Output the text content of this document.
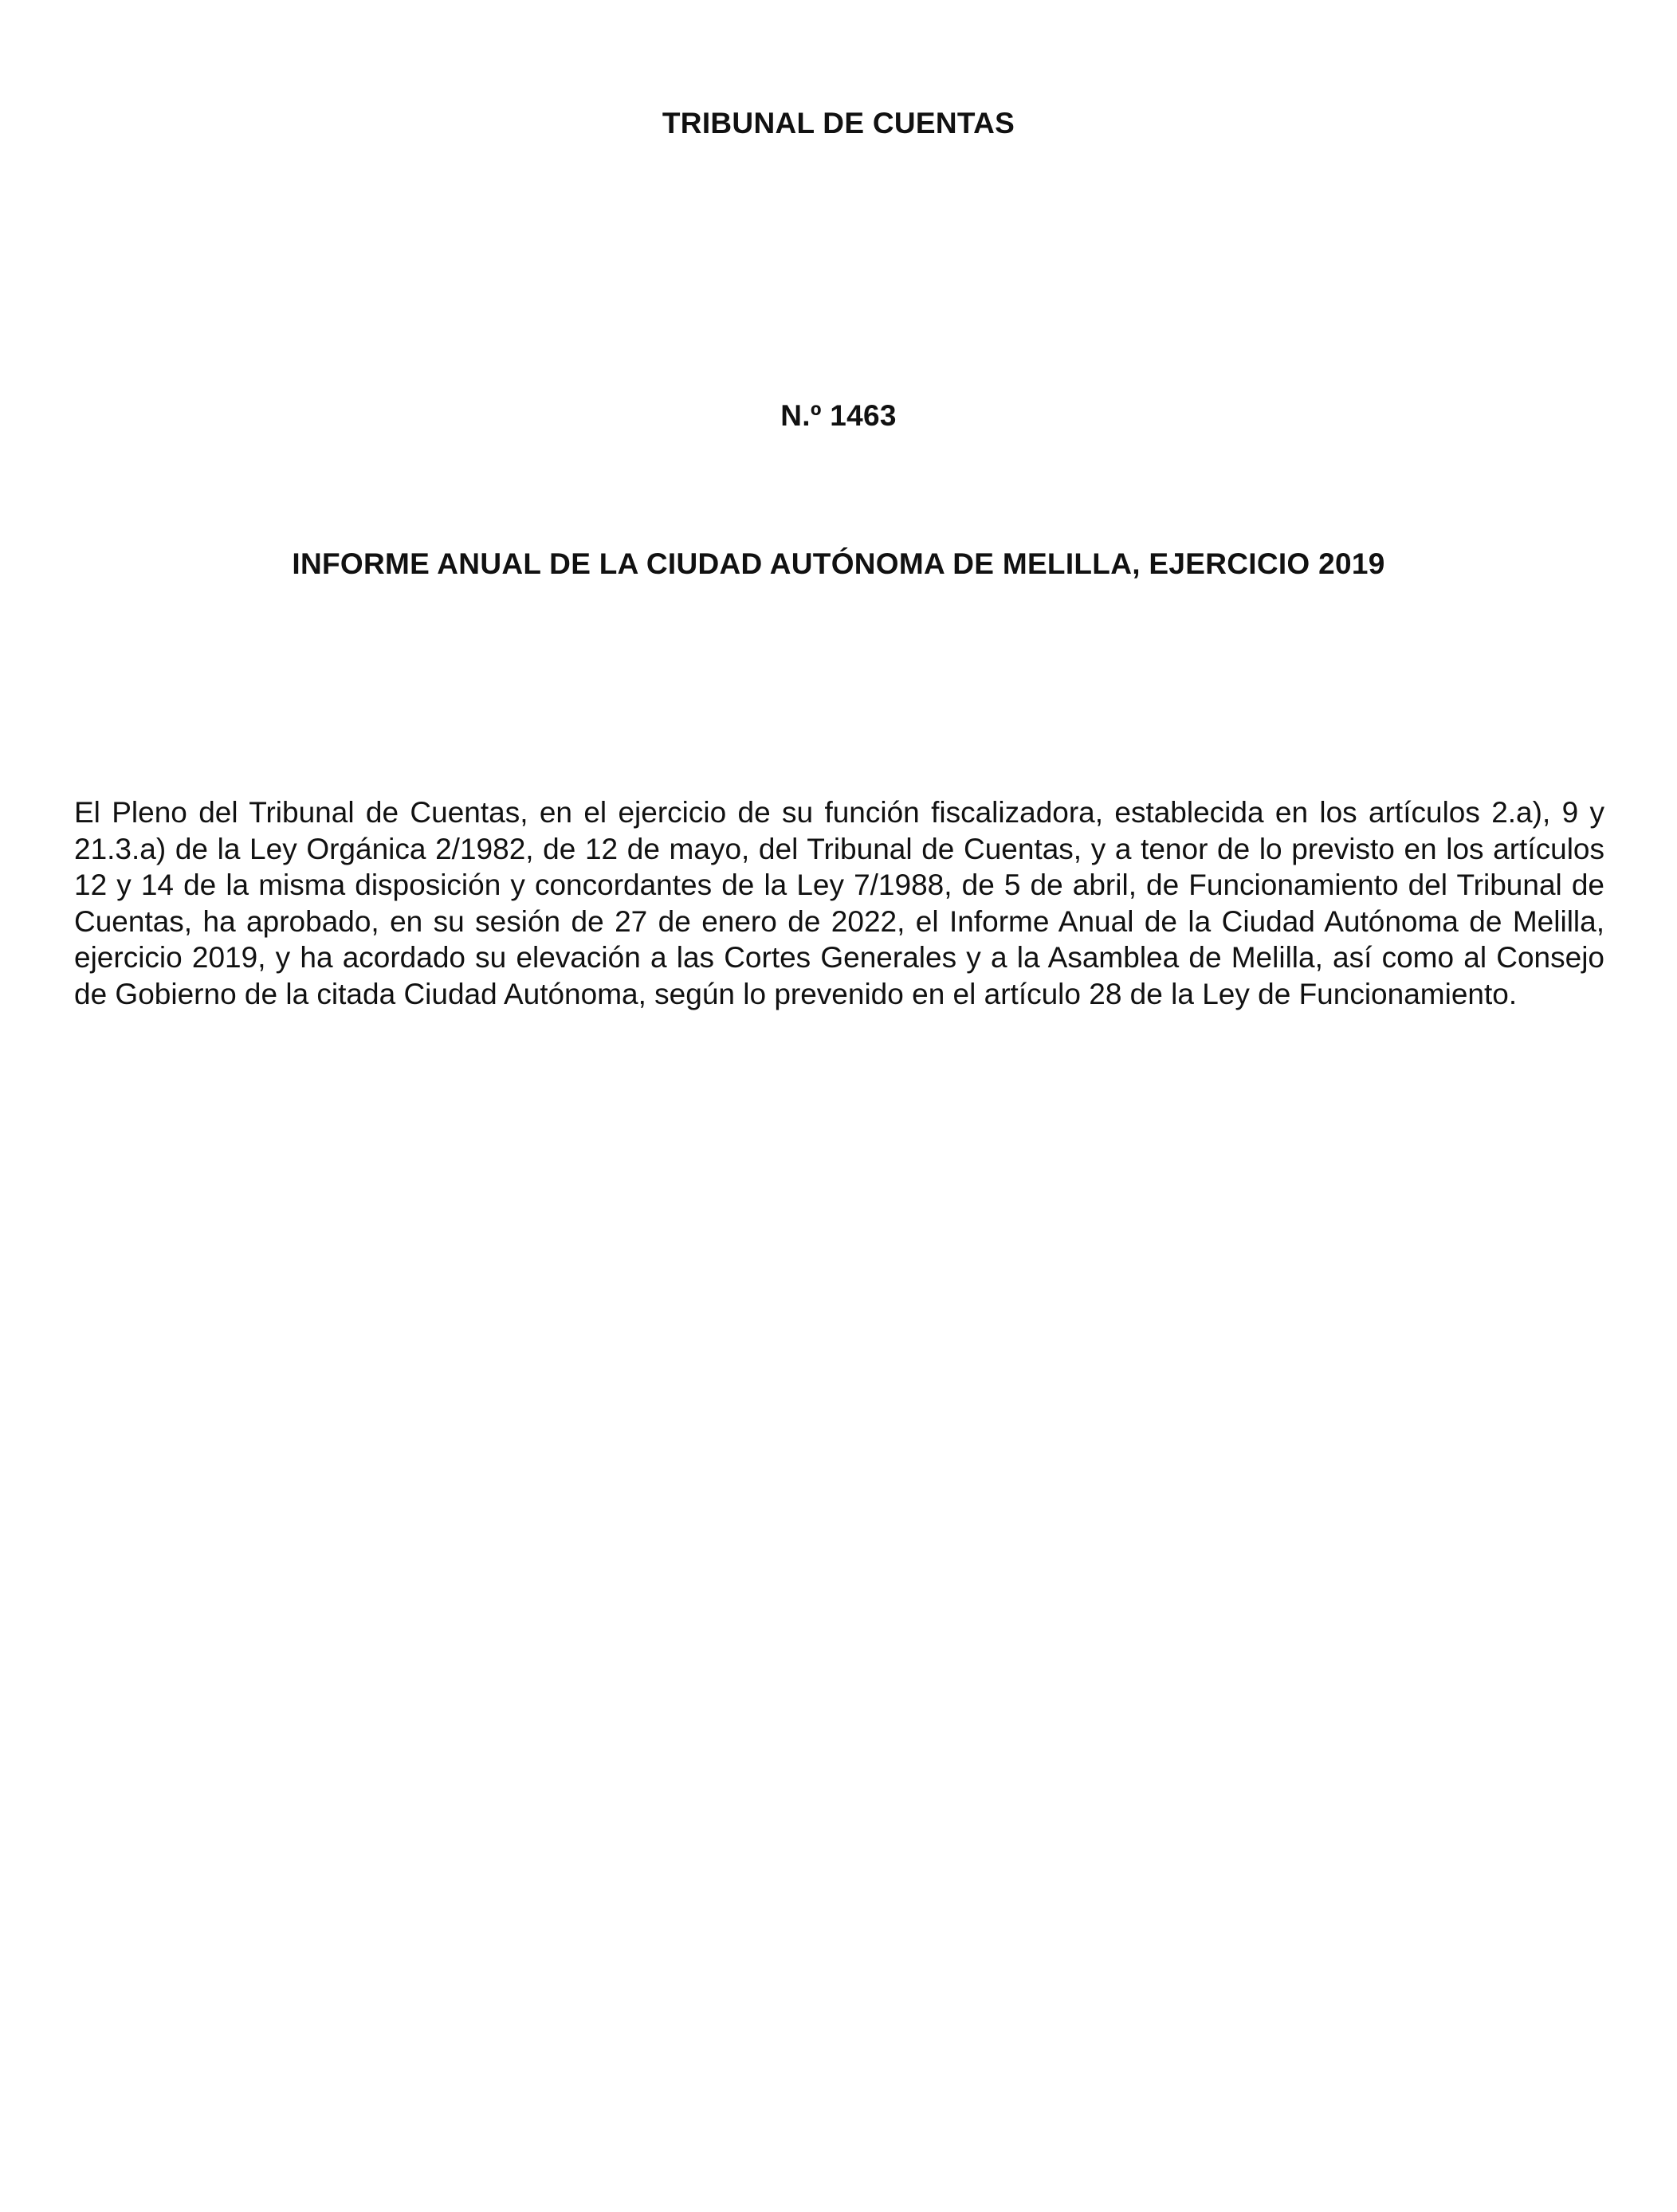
TRIBUNAL DE CUENTAS
N.º 1463
INFORME ANUAL DE LA CIUDAD AUTÓNOMA DE MELILLA, EJERCICIO 2019

El Pleno del Tribunal de Cuentas, en el ejercicio de su función fiscalizadora, establecida en los artículos 2.a), 9 y 21.3.a) de la Ley Orgánica 2/1982, de 12 de mayo, del Tribunal de Cuentas, y a tenor de lo previsto en los artículos 12 y 14 de la misma disposición y concordantes de la Ley 7/1988, de 5 de abril, de Funcionamiento del Tribunal de Cuentas, ha aprobado, en su sesión de 27 de enero de 2022, el Informe Anual de la Ciudad Autónoma de Melilla, ejercicio 2019, y ha acordado su elevación a las Cortes Generales y a la Asamblea de Melilla, así como al Consejo de Gobierno de la citada Ciudad Autónoma, según lo prevenido en el artículo 28 de la Ley de Funcionamiento.
